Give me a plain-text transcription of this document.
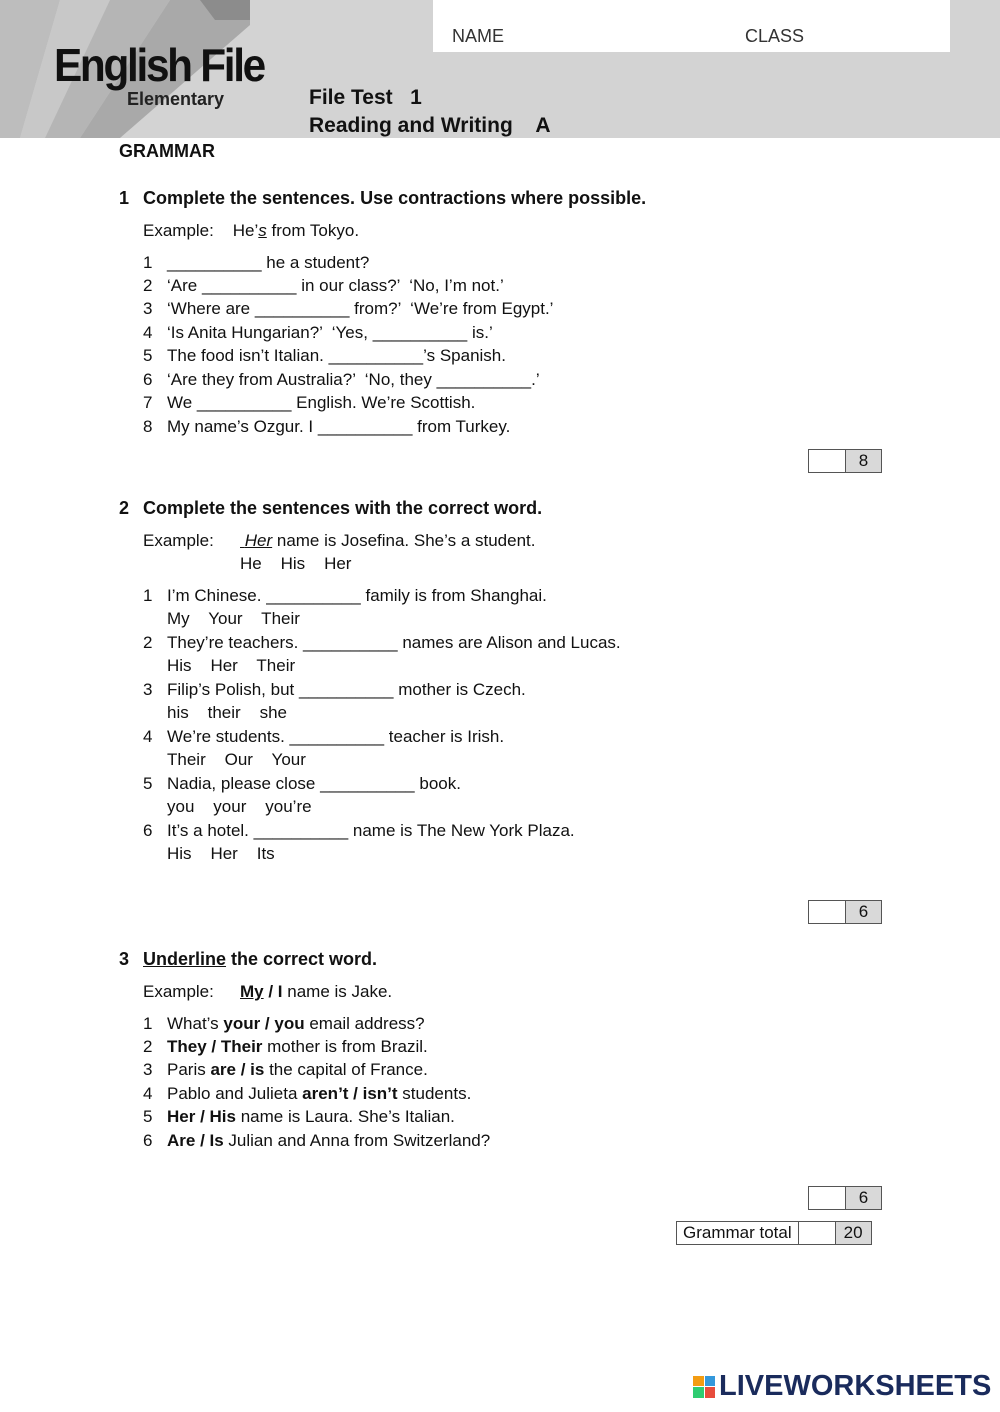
NAME	CLASS
English File
Elementary	File Test   1
Reading and Writing    A
GRAMMAR
1 Complete the sentences. Use contractions where possible.
Example: He’s from Tokyo.
1 __________ he a student?
2 ‘Are __________ in our class?’  ‘No, I’m not.’
3 ‘Where are __________ from?’  ‘We’re from Egypt.’
4 ‘Is Anita Hungarian?’  ‘Yes, __________ is.’
5 The food isn’t Italian. __________’s Spanish.
6 ‘Are they from Australia?’  ‘No, they __________.’
7 We __________ English. We’re Scottish.
8 My name’s Ozgur. I __________ from Turkey.
8
2 Complete the sentences with the correct word.
Example: Her name is Josefina. She’s a student.
He    His    Her
1 I’m Chinese. __________ family is from Shanghai.
My    Your    Their
2 They’re teachers. __________ names are Alison and Lucas.
His    Her    Their
3 Filip’s Polish, but __________ mother is Czech.
his    their    she
4 We’re students. __________ teacher is Irish.
Their    Our    Your
5 Nadia, please close __________ book.
you    your    you’re
6 It’s a hotel. __________ name is The New York Plaza.
His    Her    Its
6
3 Underline the correct word.
Example: My / I name is Jake.
1 What’s your / you email address?
2 They / Their mother is from Brazil.
3 Paris are / is the capital of France.
4 Pablo and Julieta aren’t / isn’t students.
5 Her / His name is Laura. She’s Italian.
6 Are / Is Julian and Anna from Switzerland?
6
Grammar total	20
LIVEWORKSHEETS
